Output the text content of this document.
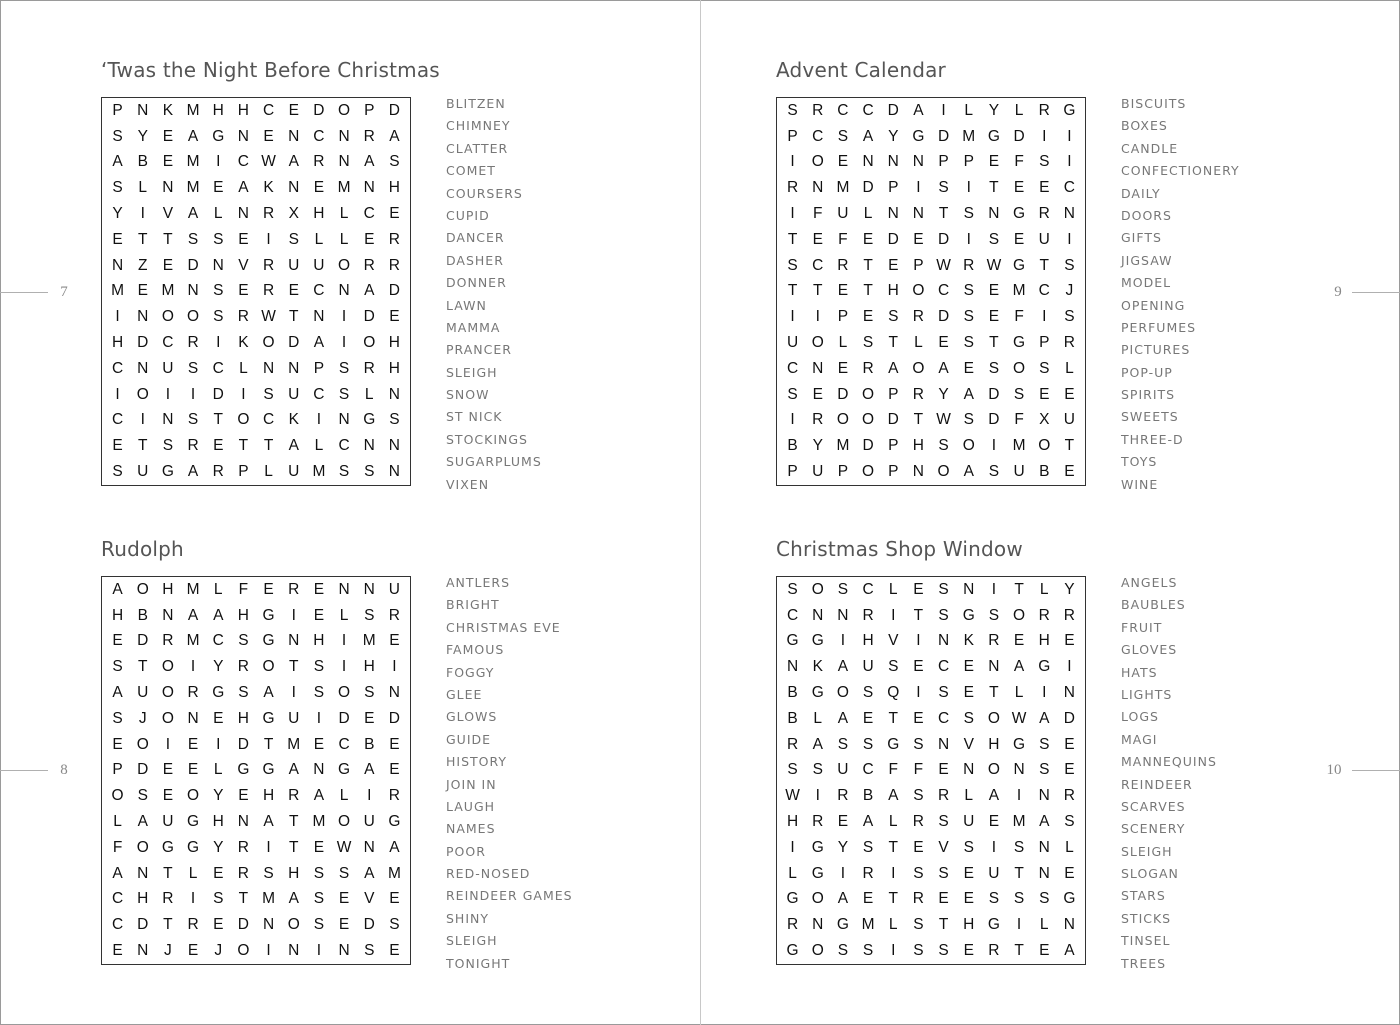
7
8
9
10
‘Twas the Night Before Christmas
P N K M H H C E D O P D
S Y E A G N E N C N R A
A B E M	I	C W A R N A S
S	L N M E A K N E M N H
Y	I	V A	L N R X H L C E
E T	T S S E	I	S	L	L	E R
N Z E D N V R U U O R R
M E M N S E R E C N A D
I	N O O S R W T N	I	D E
H D C R	I	K O D A	I	O H
C N U S C L N N P S R H
I	O	I	I	D	I	S U C S	L N
C	I	N S T O C K	I	N G S
E T S R E T	T A	L C N N
S U G A R P	L U M S S N
BLITZEN
CHIMNEY
CLATTER
COMET
COURSERS
CUPID
DANCER
DASHER
DONNER
LAWN
MAMMA
PRANCER
SLEIGH
SNOW
ST NICK
STOCKINGS
SUGARPLUMS
VIXEN
Advent Calendar
S R C C D A	I	L	Y	L R G
P C S A Y G D M G D	I	I
I	O E N N N P P E F S	I
R N M D P	I	S	I	T E E C
I	F U L N N T S N G R N
T E F E D E D	I	S E U	I
S C R T E P W R W G T S
T	T E T H O C S E M C	J
I	I	P E S R D S E F	I	S
U O L	S T	L	E S T G P R
C N E R A O A E S O S	L
S E D O P R Y A D S E E
I	R O O D T W S D F X U
B Y M D P H S O	I	M O T
P U P O P N O A S U B E
BISCUITS
BOXES
CANDLE
CONFECTIONERY
DAILY
DOORS
GIFTS
JIGSAW
MODEL
OPENING
PERFUMES
PICTURES
POP-UP
SPIRITS
SWEETS
THREE-D
TOYS
WINE
Rudolph
A O H M L	F E R E N N U
H B N A A H G	I	E	L	S R
E D R M C S G N H	I	M E
S T O	I	Y R O T S	I	H	I
A U O R G S A	I	S O S N
S	J O N E H G U	I	D E D
E O	I	E	I	D T M E C B E
P D E E	L G G A N G A E
O S E O Y E H R A	L	I	R
L	A U G H N A T M O U G
F O G G Y R	I	T E W N A
A N T	L	E R S H S S A M
C H R	I	S T M A S E V E
C D T R E D N O S E D S
E N	J	E	J O	I	N	I	N S E
ANTLERS
BRIGHT
CHRISTMAS EVE
FAMOUS
FOGGY
GLEE
GLOWS
GUIDE
HISTORY
JOIN IN
LAUGH
NAMES
POOR
RED-NOSED
REINDEER GAMES
SHINY
SLEIGH
TONIGHT
Christmas Shop Window
S O S C L	E S N	I	T	L	Y
C N N R	I	T S G S O R R
G G	I	H V	I	N K R E H E
N K A U S E C E N A G	I
B G O S Q	I	S E T	L	I	N
B	L	A E T E C S O W A D
R A S S G S N V H G S E
S S U C F	F E N O N S E
W	I	R B A S R L	A	I	N R
H R E A	L R S U E M A S
I	G Y S T E V S	I	S N L
L G	I	R	I	S S E U T N E
G O A E T R E E S S S G
R N G M L	S T H G	I	L N
G O S S	I	S S E R T E A
ANGELS
BAUBLES
FRUIT
GLOVES
HATS
LIGHTS
LOGS
MAGI
MANNEQUINS
REINDEER
SCARVES
SCENERY
SLEIGH
SLOGAN
STARS
STICKS
TINSEL
TREES
